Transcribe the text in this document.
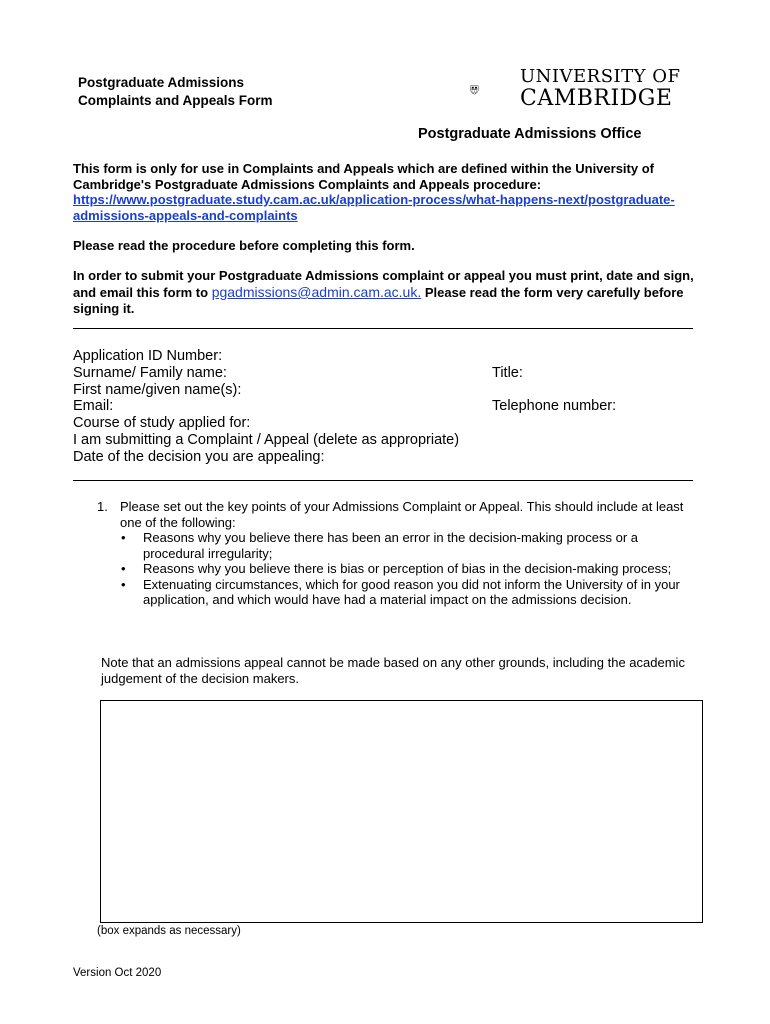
Postgraduate Admissions
Complaints and Appeals Form
UNIVERSITY OF
CAMBRIDGE
Postgraduate Admissions Office
This form is only for use in Complaints and Appeals which are defined within the University of Cambridge's Postgraduate Admissions Complaints and Appeals procedure: https://www.postgraduate.study.cam.ac.uk/application-process/what-happens-next/postgraduate-admissions-appeals-and-complaints
Please read the procedure before completing this form.
In order to submit your Postgraduate Admissions complaint or appeal you must print, date and sign, and email this form to pgadmissions@admin.cam.ac.uk. Please read the form very carefully before signing it.
Application ID Number:
Surname/ Family name:
First name/given name(s):
Email:
Course of study applied for:
I am submitting a Complaint / Appeal (delete as appropriate)
Date of the decision you are appealing:
Title:
Telephone number:
1. Please set out the key points of your Admissions Complaint or Appeal. This should include at least one of the following:
• Reasons why you believe there has been an error in the decision-making process or a procedural irregularity;
• Reasons why you believe there is bias or perception of bias in the decision-making process;
• Extenuating circumstances, which for good reason you did not inform the University of in your application, and which would have had a material impact on the admissions decision.
Note that an admissions appeal cannot be made based on any other grounds, including the academic judgement of the decision makers.
(box expands as necessary)
Version Oct 2020
